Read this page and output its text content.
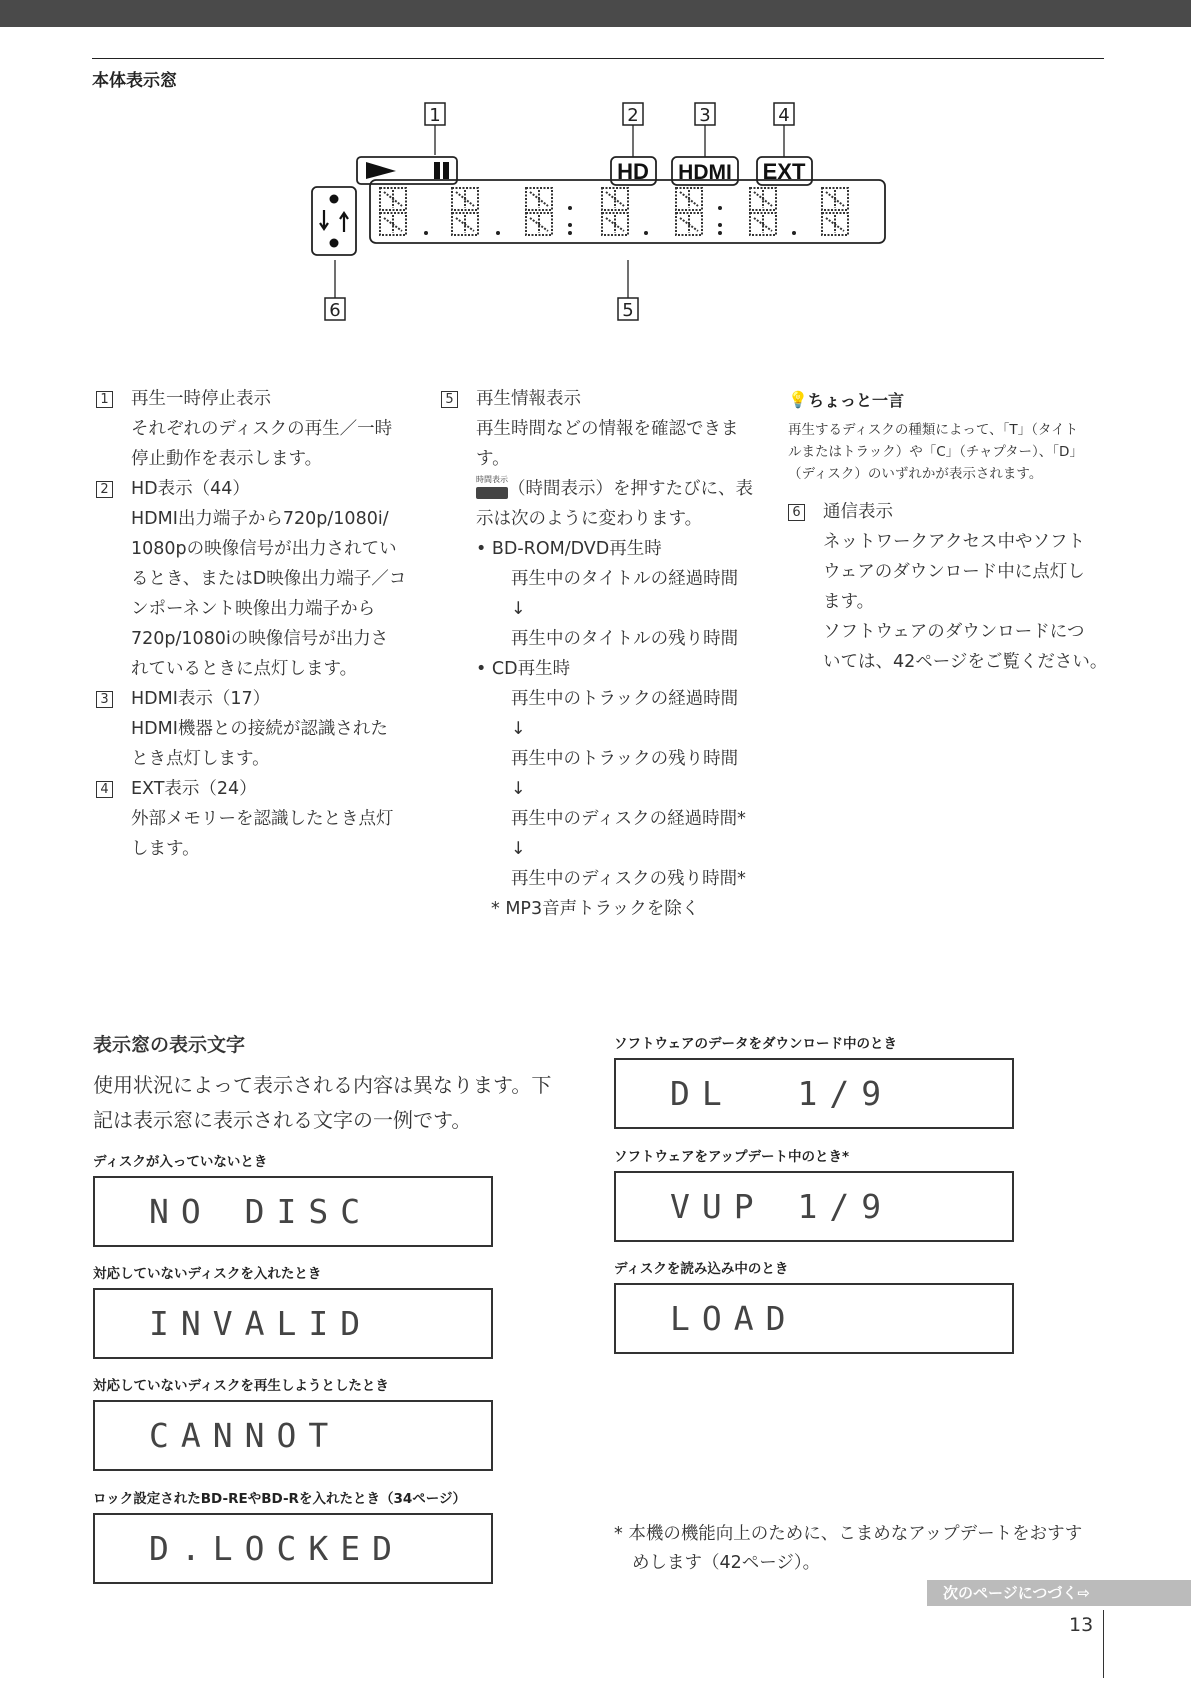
本体表示窓
1	2	3	4
5
6
HD HDMI EXT
1	再生一時停止表示
それぞれのディスクの再生／一時
停止動作を表示します。
2	HD表示（44）
HDMI出力端子から720p/1080i/
1080pの映像信号が出力されてい
るとき、またはD映像出力端子／コ
ンポーネント映像出力端子から
720p/1080iの映像信号が出力さ
れているときに点灯します。
3	HDMI表示（17）
HDMI機器との接続が認識された
とき点灯します。
4	EXT表示（24）
外部メモリーを認識したとき点灯
します。
5	再生情報表示
再生時間などの情報を確認できま
す。
時間表示 （時間表示）を押すたびに、表
示は次のように変わります。
• BD-ROM/DVD再生時
再生中のタイトルの経過時間
↓
再生中のタイトルの残り時間
• CD再生時
再生中のトラックの経過時間
↓
再生中のトラックの残り時間
↓
再生中のディスクの経過時間*
↓
再生中のディスクの残り時間*
* MP3音声トラックを除く
💡 ちょっと一言
再生するディスクの種類によって、「T」（タイト
ルまたはトラック）や「C」（チャプター）、「D」
（ディスク）のいずれかが表示されます。
6	通信表示
ネットワークアクセス中やソフト
ウェアのダウンロード中に点灯し
ます。
ソフトウェアのダウンロードにつ
いては、42ページをご覧ください。
表示窓の表示文字
使用状況によって表示される内容は異なります。下
記は表示窓に表示される文字の一例です。
ディスクが入っていないとき
NO DISC
対応していないディスクを入れたとき
INVALID
対応していないディスクを再生しようとしたとき
CANNOT
ロック設定されたBD-REやBD-Rを入れたとき（34ページ）
D.LOCKED
ソフトウェアのデータをダウンロード中のとき
DL  1/9
ソフトウェアをアップデート中のとき*
VUP 1/9
ディスクを読み込み中のとき
LOAD
* 本機の機能向上のために、こまめなアップデートをおすす
めします（42ページ）。
次のページにつづく⇨
13
